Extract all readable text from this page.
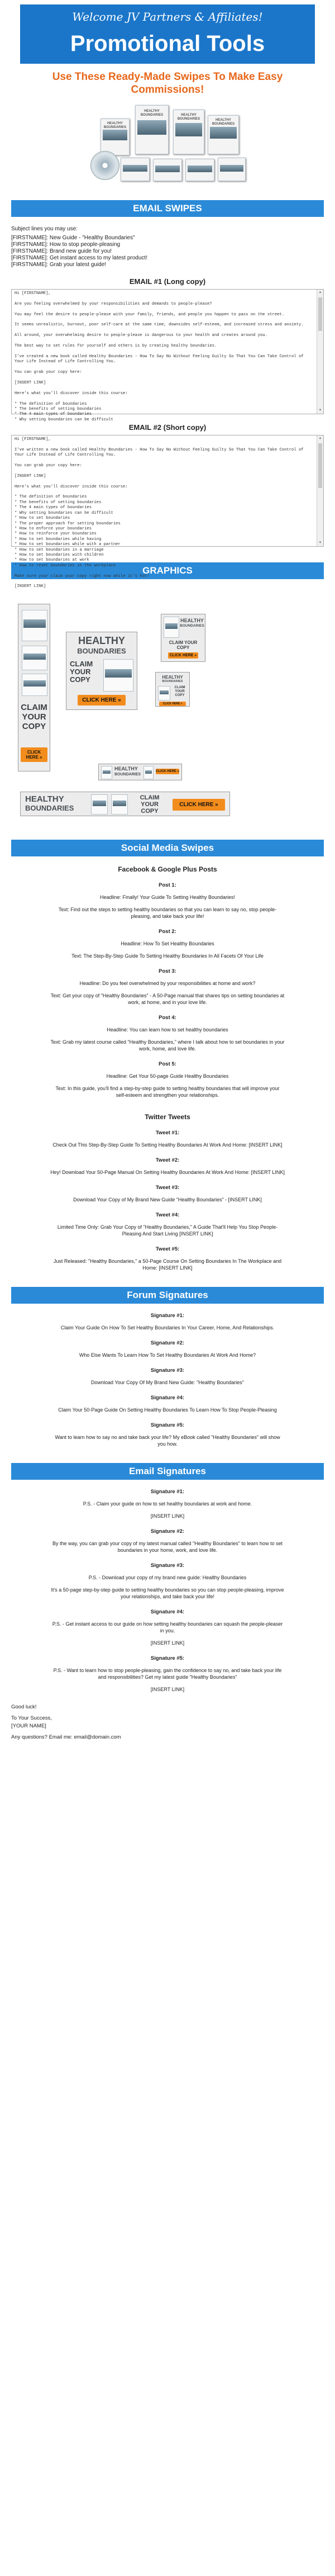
Welcome JV Partners & Affiliates!
Promotional Tools
Use These Ready-Made Swipes To Make Easy Commissions!
HEALTHY BOUNDARIES
HEALTHY BOUNDARIES	HEALTHY BOUNDARIES	HEALTHY BOUNDARIES
EMAIL SWIPES
Subject lines you may use:
[FIRSTNAME]: New Guide - "Healthy Boundaries"
[FIRSTNAME]: How to stop people-pleasing
[FIRSTNAME]: Brand new guide for you!
[FIRSTNAME]: Get instant access to my latest product!
[FIRSTNAME]: Grab your latest guide!
EMAIL #1 (Long copy)
Hi [FIRSTNAME],

Are you feeling overwhelmed by your responsibilities and demands to people-please?

You may feel the desire to people-please with your family, friends, and people you happen to pass on the street.

It seems unrealistic, burnout, poor self-care at the same time, downsides self-esteem, and increased stress and anxiety.

All around, your overwhelming desire to people-please is dangerous to your health and creates around you.

The best way to set rules for yourself and others is by creating healthy boundaries.

I've created a new book called Healthy Boundaries - How To Say No Without Feeling Guilty So That You Can Take Control of Your Life Instead of Life Controlling You.

You can grab your copy here:

[INSERT LINK]

Here's what you'll discover inside this course:

* The definition of boundaries
* The benefits of setting boundaries
* The 4 main types of boundaries
* Why setting boundaries can be difficult
▲
▼
EMAIL #2 (Short copy)
Hi [FIRSTNAME],

I've written a new book called Healthy Boundaries - How To Say No Without Feeling Guilty So That You Can Take Control of Your Life Instead of Life Controlling You.

You can grab your copy here:

[INSERT LINK]

Here's what you'll discover inside this course:

* The definition of boundaries
* The benefits of setting boundaries
* The 4 main types of boundaries
* Why setting boundaries can be difficult
* How to set boundaries
* The proper approach for setting boundaries
* How to enforce your boundaries
* How to reinforce your boundaries
* How to set boundaries while having
* How to set boundaries while with a partner
* How to set boundaries in a marriage
* How to set boundaries with children
* How to set boundaries at work
* How to reset boundaries in the workplace

Make sure your claim your copy right now while it's hot!

[INSERT LINK]
▲
▼
GRAPHICS
CLAIM YOUR COPY
CLICK HERE »
HEALTHY
BOUNDARIES
CLAIM YOUR COPY
CLICK HERE »
HEALTHY
BOUNDARIES
CLAIM YOUR COPY
CLICK HERE »
HEALTHY
BOUNDARIES
CLAIM YOUR COPY
CLICK HERE »
HEALTHY
BOUNDARIES
CLICK HERE »
HEALTHY
BOUNDARIES
CLAIM YOUR COPY
CLICK HERE »
Social Media Swipes
Facebook & Google Plus Posts
Post 1:
Headline: Finally! Your Guide To Setting Healthy Boundaries!
Text: Find out the steps to setting healthy boundaries so that you can learn to say no, stop people-pleasing, and take back your life!
Post 2:
Headline: How To Set Healthy Boundaries
Text: The Step-By-Step Guide To Setting Healthy Boundaries In All Facets Of Your Life
Post 3:
Headline: Do you feel overwhelmed by your responsibilities at home and work?
Text: Get your copy of "Healthy Boundaries" - A 50-Page manual that shares tips on setting boundaries at work, at home, and in your love life.
Post 4:
Headline: You can learn how to set healthy boundaries
Text: Grab my latest course called "Healthy Boundaries," where I talk about how to set boundaries in your work, home, and love life.
Post 5:
Headline: Get Your 50-page Guide Healthy Boundaries
Text: In this guide, you'll find a step-by-step guide to setting healthy boundaries that will improve your self-esteem and strengthen your relationships.
Twitter Tweets
Tweet #1:
Check Out This Step-By-Step Guide To Setting Healthy Boundaries At Work And Home: [INSERT LINK]
Tweet #2:
Hey! Download Your 50-Page Manual On Setting Healthy Boundaries At Work And Home: [INSERT LINK]
Tweet #3:
Download Your Copy of My Brand New Guide "Healthy Boundaries" - [INSERT LINK]
Tweet #4:
Limited Time Only: Grab Your Copy of "Healthy Boundaries," A Guide That'll Help You Stop People-Pleasing And Start Living [INSERT LINK]
Tweet #5:
Just Released: "Healthy Boundaries," a 50-Page Course On Setting Boundaries In The Workplace and Home: [INSERT LINK]
Forum Signatures
Signature #1:
Claim Your Guide On How To Set Healthy Boundaries In Your Career, Home, And Relationships.
Signature #2:
Who Else Wants To Learn How To Set Healthy Boundaries At Work And Home?
Signature #3:
Download Your Copy Of My Brand New Guide: "Healthy Boundaries"
Signature #4:
Claim Your 50-Page Guide On Setting Healthy Boundaries To Learn How To Stop People-Pleasing
Signature #5:
Want to learn how to say no and take back your life? My eBook called "Healthy Boundaries" will show you how.
Email Signatures
Signature #1:
P.S. - Claim your guide on how to set healthy boundaries at work and home.
[INSERT LINK]
Signature #2:
By the way, you can grab your copy of my latest manual called "Healthy Boundaries" to learn how to set boundaries in your home, work, and love life.
Signature #3:
P.S. - Download your copy of my brand new guide: Healthy Boundaries
It's a 50-page step-by-step guide to setting healthy boundaries so you can stop people-pleasing, improve your relationships, and take back your life!
Signature #4:
P.S. - Get instant access to our guide on how setting healthy boundaries can squash the people-pleaser in you.
[INSERT LINK]
Signature #5:
P.S. - Want to learn how to stop people-pleasing, gain the confidence to say no, and take back your life and responsibilities? Get my latest guide "Healthy Boundaries"
[INSERT LINK]
Good luck!
To Your Success,
[YOUR NAME]
Any questions? Email me: email@domain.com
